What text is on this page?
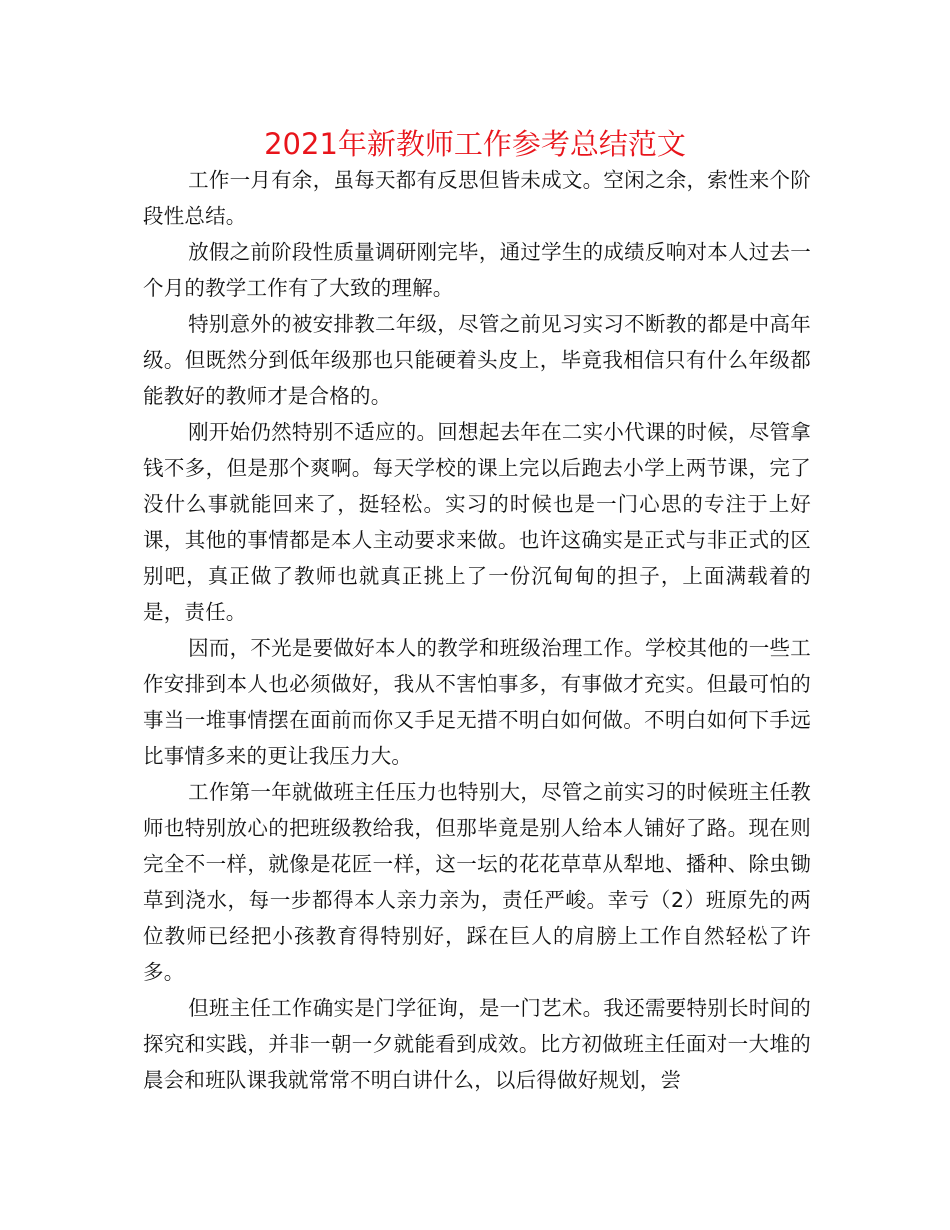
2021年新教师工作参考总结范文

工作一月有余，虽每天都有反思但皆未成文。空闲之余，索性来个阶段性总结。

放假之前阶段性质量调研刚完毕，通过学生的成绩反响对本人过去一个月的教学工作有了大致的理解。

特别意外的被安排教二年级，尽管之前见习实习不断教的都是中高年级。但既然分到低年级那也只能硬着头皮上，毕竟我相信只有什么年级都能教好的教师才是合格的。

刚开始仍然特别不适应的。回想起去年在二实小代课的时候，尽管拿钱不多，但是那个爽啊。每天学校的课上完以后跑去小学上两节课，完了没什么事就能回来了，挺轻松。实习的时候也是一门心思的专注于上好课，其他的事情都是本人主动要求来做。也许这确实是正式与非正式的区别吧，真正做了教师也就真正挑上了一份沉甸甸的担子，上面满载着的是，责任。

因而，不光是要做好本人的教学和班级治理工作。学校其他的一些工作安排到本人也必须做好，我从不害怕事多，有事做才充实。但最可怕的事当一堆事情摆在面前而你又手足无措不明白如何做。不明白如何下手远比事情多来的更让我压力大。

工作第一年就做班主任压力也特别大，尽管之前实习的时候班主任教师也特别放心的把班级教给我，但那毕竟是别人给本人铺好了路。现在则完全不一样，就像是花匠一样，这一坛的花花草草从犁地、播种、除虫锄草到浇水，每一步都得本人亲力亲为，责任严峻。幸亏（2）班原先的两位教师已经把小孩教育得特别好，踩在巨人的肩膀上工作自然轻松了许多。

但班主任工作确实是门学征询，是一门艺术。我还需要特别长时间的探究和实践，并非一朝一夕就能看到成效。比方初做班主任面对一大堆的晨会和班队课我就常常不明白讲什么，以后得做好规划，尝
